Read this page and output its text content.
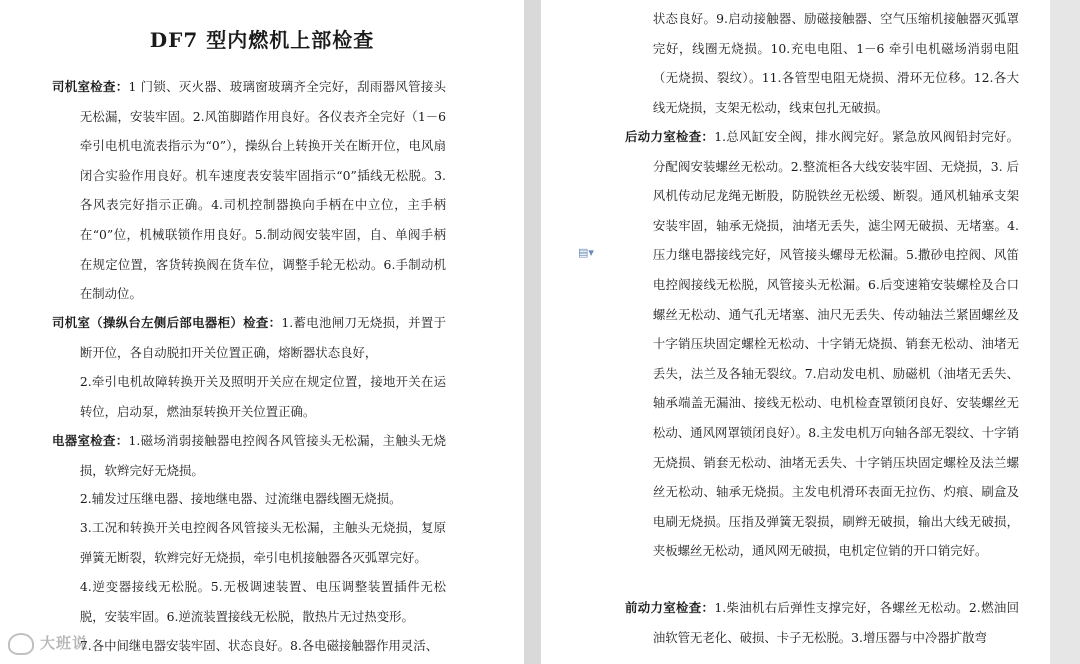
DF7 型内燃机上部检查
司机室检查：1 门锁、灭火器、玻璃窗玻璃齐全完好，刮雨器风管接头无松漏，安装牢固。2.风笛脚踏作用良好。各仪表齐全完好（1－6 牵引电机电流表指示为“0”），操纵台上转换开关在断开位，电风扇闭合实验作用良好。机车速度表安装牢固指示“0”插线无松脱。3.各风表完好指示正确。4.司机控制器换向手柄在中立位，主手柄在“0”位，机械联锁作用良好。5.制动阀安装牢固，自、单阀手柄在规定位置，客货转换阀在货车位，调整手轮无松动。6.手制动机在制动位。
司机室（操纵台左侧后部电器柜）检查：1.蓄电池闸刀无烧损，并置于断开位，各自动脱扣开关位置正确，熔断器状态良好，
2.牵引电机故障转换开关及照明开关应在规定位置，接地开关在运转位，启动泵，燃油泵转换开关位置正确。
电器室检查：1.磁场消弱接触器电控阀各风管接头无松漏，主触头无烧损，软辫完好无烧损。
2.辅发过压继电器、接地继电器、过流继电器线圈无烧损。
3.工况和转换开关电控阀各风管接头无松漏，主触头无烧损，复原弹簧无断裂，软辫完好无烧损，牵引电机接触器各灭弧罩完好。
4.逆变器接线无松脱。5.无极调速装置、电压调整装置插件无松脱，安装牢固。6.逆流装置接线无松脱，散热片无过热变形。
7.各中间继电器安装牢固、状态良好。8.各电磁接触器作用灵活、
状态良好。9.启动接触器、励磁接触器、空气压缩机接触器灭弧罩完好，线圈无烧损。10.充电电阻、1－6 牵引电机磁场消弱电阻（无烧损、裂纹）。11.各管型电阻无烧损、滑环无位移。12.各大线无烧损，支架无松动，线束包扎无破损。
后动力室检查：1.总风缸安全阀，排水阀完好。紧急放风阀铅封完好。分配阀安装螺丝无松动。2.整流柜各大线安装牢固、无烧损，3. 后风机传动尼龙绳无断股，防脱铁丝无松缓、断裂。通风机轴承支架安装牢固，轴承无烧损，油堵无丢失，滤尘网无破损、无堵塞。4.压力继电器接线完好，风管接头螺母无松漏。5.撒砂电控阀、风笛电控阀接线无松脱，风管接头无松漏。6.后变速箱安装螺栓及合口螺丝无松动、通气孔无堵塞、油尺无丢失、传动轴法兰紧固螺丝及十字销压块固定螺栓无松动、十字销无烧损、销套无松动、油堵无丢失，法兰及各轴无裂纹。7.启动发电机、励磁机（油堵无丢失、轴承端盖无漏油、接线无松动、电机检查罩锁闭良好、安装螺丝无松动、通风网罩锁闭良好）。8.主发电机万向轴各部无裂纹、十字销无烧损、销套无松动、油堵无丢失、十字销压块固定螺栓及法兰螺丝无松动、轴承无烧损。主发电机滑环表面无拉伤、灼痕、刷盒及电刷无烧损。压指及弹簧无裂损，刷辫无破损，输出大线无破损，夹板螺丝无松动，通风网无破损，电机定位销的开口销完好。
前动力室检查：1.柴油机右后弹性支撑完好，各螺丝无松动。2.燃油回油软管无老化、破损、卡子无松脱。3.增压器与中冷器扩散弯
▤▾
大班说
